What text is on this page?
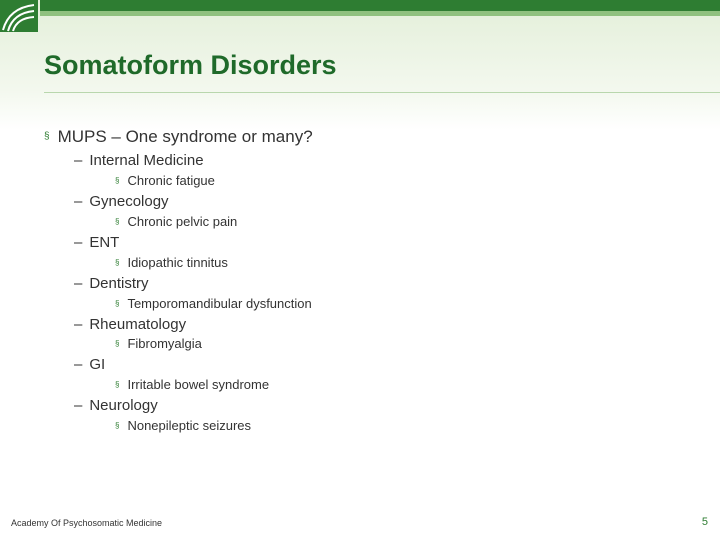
Somatoform Disorders
§ MUPS – One syndrome or many?
– Internal Medicine
§ Chronic fatigue
– Gynecology
§ Chronic pelvic pain
– ENT
§ Idiopathic tinnitus
– Dentistry
§ Temporomandibular dysfunction
– Rheumatology
§ Fibromyalgia
– GI
§ Irritable bowel syndrome
– Neurology
§ Nonepileptic seizures
Academy Of Psychosomatic Medicine	5
